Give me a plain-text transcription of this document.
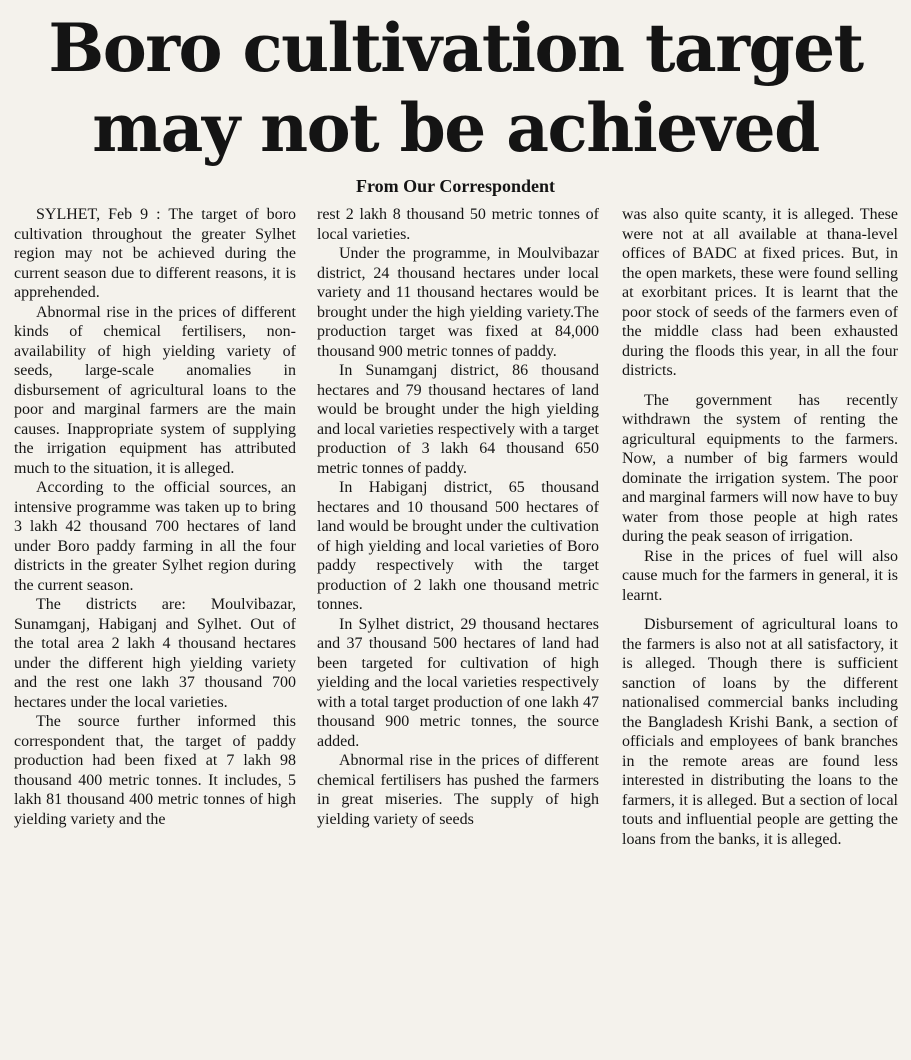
Boro cultivation target
may not be achieved
From Our Correspondent

SYLHET, Feb 9 : The target of boro cultivation throughout the greater Sylhet region may not be achieved during the current season due to different reasons, it is apprehended.

Abnormal rise in the prices of different kinds of chemical fertilisers, non-availability of high yielding variety of seeds, large-scale anomalies in disbursement of agricultural loans to the poor and marginal farmers are the main causes. Inappropriate system of supplying the irrigation equipment has attributed much to the situation, it is alleged.

According to the official sources, an intensive programme was taken up to bring 3 lakh 42 thousand 700 hectares of land under Boro paddy farming in all the four districts in the greater Sylhet region during the current season.

The districts are: Moulvibazar, Sunamganj, Habiganj and Sylhet. Out of the total area 2 lakh 4 thousand hectares under the different high yielding variety and the rest one lakh 37 thousand 700 hectares under the local varieties.

The source further informed this correspondent that, the target of paddy production had been fixed at 7 lakh 98 thousand 400 metric tonnes. It includes, 5 lakh 81 thousand 400 metric tonnes of high yielding variety and the

rest 2 lakh 8 thousand 50 metric tonnes of local varieties.

Under the programme, in Moulvibazar district, 24 thousand hectares under local variety and 11 thousand hectares would be brought under the high yielding variety.The production target was fixed at 84,000 thousand 900 metric tonnes of paddy.

In Sunamganj district, 86 thousand hectares and 79 thousand hectares of land would be brought under the high yielding and local varieties respectively with a target production of 3 lakh 64 thousand 650 metric tonnes of paddy.

In Habiganj district, 65 thousand hectares and 10 thousand 500 hectares of land would be brought under the cultivation of high yielding and local varieties of Boro paddy respectively with the target production of 2 lakh one thousand metric tonnes.

In Sylhet district, 29 thousand hectares and 37 thousand 500 hectares of land had been targeted for cultivation of high yielding and the local varieties respectively with a total target production of one lakh 47 thousand 900 metric tonnes, the source added.

Abnormal rise in the prices of different chemical fertilisers has pushed the farmers in great miseries. The supply of high yielding variety of seeds

was also quite scanty, it is alleged. These were not at all available at thana-level offices of BADC at fixed prices. But, in the open markets, these were found selling at exorbitant prices. It is learnt that the poor stock of seeds of the farmers even of the middle class had been exhausted during the floods this year, in all the four districts.

The government has recently withdrawn the system of renting the agricultural equipments to the farmers. Now, a number of big farmers would dominate the irrigation system. The poor and marginal farmers will now have to buy water from those people at high rates during the peak season of irrigation.

Rise in the prices of fuel will also cause much for the farmers in general, it is learnt.

Disbursement of agricultural loans to the farmers is also not at all satisfactory, it is alleged. Though there is sufficient sanction of loans by the different nationalised commercial banks including the Bangladesh Krishi Bank, a section of officials and employees of bank branches in the remote areas are found less interested in distributing the loans to the farmers, it is alleged. But a section of local touts and influential people are getting the loans from the banks, it is alleged.
